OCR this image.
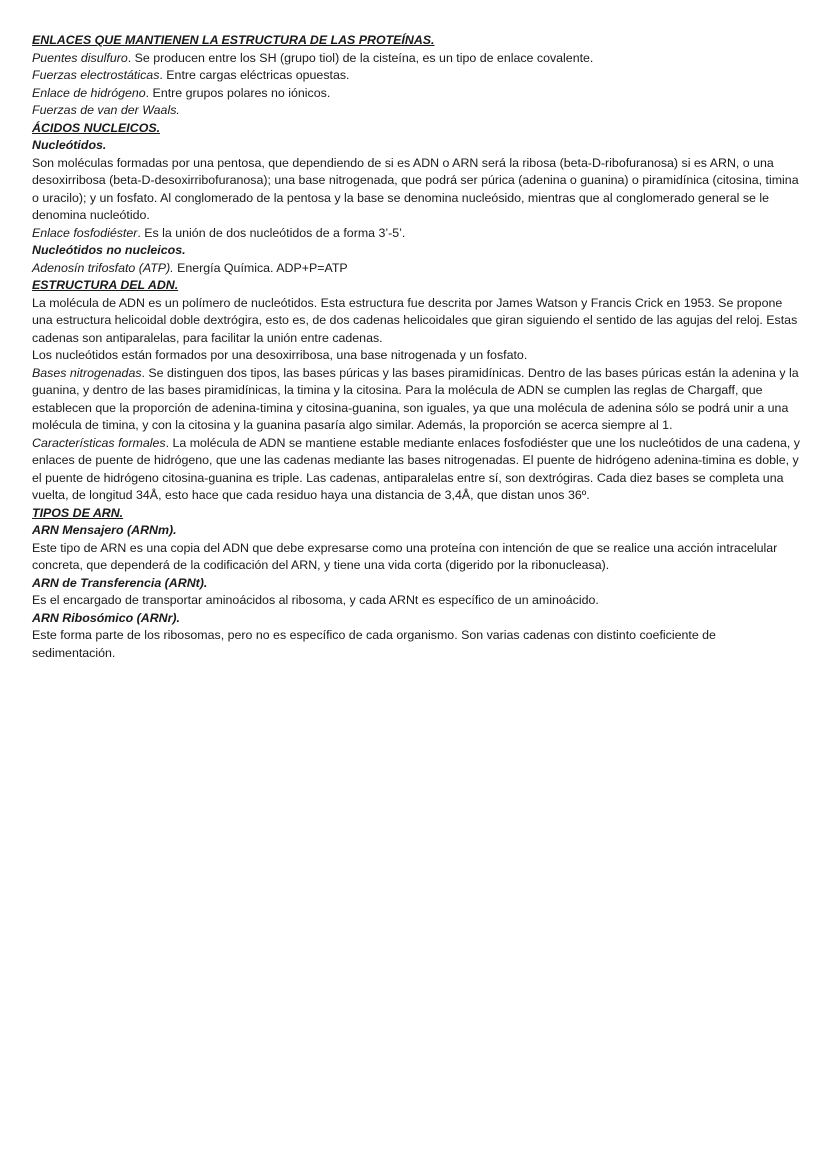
ENLACES QUE MANTIENEN LA ESTRUCTURA DE LAS PROTEÍNAS.

Puentes disulfuro. Se producen entre los SH (grupo tiol) de la cisteína, es un tipo de enlace covalente.

Fuerzas electrostáticas. Entre cargas eléctricas opuestas.

Enlace de hidrógeno. Entre grupos polares no iónicos.

Fuerzas de van der Waals.

ÁCIDOS NUCLEICOS.
Nucleótidos.

Son moléculas formadas por una pentosa, que dependiendo de si es ADN o ARN será la ribosa (beta-D-ribofuranosa) si es ARN, o una desoxirribosa (beta-D-desoxirribofuranosa); una base nitrogenada, que podrá ser púrica (adenina o guanina) o piramidínica (citosina, timina o uracilo); y un fosfato. Al conglomerado de la pentosa y la base se denomina nucleósido, mientras que al conglomerado general se le denomina nucleótido.

Enlace fosfodiéster. Es la unión de dos nucleótidos de a forma 3’-5’.

Nucleótidos no nucleicos.

Adenosín trifosfato (ATP). Energía Química. ADP+P=ATP

ESTRUCTURA DEL ADN.

La molécula de ADN es un polímero de nucleótidos. Esta estructura fue descrita por James Watson y Francis Crick en 1953. Se propone una estructura helicoidal doble dextrógira, esto es, de dos cadenas helicoidales que giran siguiendo el sentido de las agujas del reloj. Estas cadenas son antiparalelas, para facilitar la unión entre cadenas.

Los nucleótidos están formados por una desoxirribosa, una base nitrogenada y un fosfato.

Bases nitrogenadas. Se distinguen dos tipos, las bases púricas y las bases piramidínicas. Dentro de las bases púricas están la adenina y la guanina, y dentro de las bases piramidínicas, la timina y la citosina. Para la molécula de ADN se cumplen las reglas de Chargaff, que establecen que la proporción de adenina-timina y citosina-guanina, son iguales, ya que una molécula de adenina sólo se podrá unir a una molécula de timina, y con la citosina y la guanina pasaría algo similar. Además, la proporción se acerca siempre al 1.

Características formales. La molécula de ADN se mantiene estable mediante enlaces fosfodiéster que une los nucleótidos de una cadena, y enlaces de puente de hidrógeno, que une las cadenas mediante las bases nitrogenadas. El puente de hidrógeno adenina-timina es doble, y el puente de hidrógeno citosina-guanina es triple. Las cadenas, antiparalelas entre sí, son dextrógiras. Cada diez bases se completa una vuelta, de longitud 34Å, esto hace que cada residuo haya una distancia de 3,4Å, que distan unos 36º.

TIPOS DE ARN.
ARN Mensajero (ARNm).

Este tipo de ARN es una copia del ADN que debe expresarse como una proteína con intención de que se realice una acción intracelular concreta, que dependerá de la codificación del ARN, y tiene una vida corta (digerido por la ribonucleasa).

ARN de Transferencia (ARNt).

Es el encargado de transportar aminoácidos al ribosoma, y cada ARNt es específico de un aminoácido.

ARN Ribosómico (ARNr).

Este forma parte de los ribosomas, pero no es específico de cada organismo. Son varias cadenas con distinto coeficiente de sedimentación.
